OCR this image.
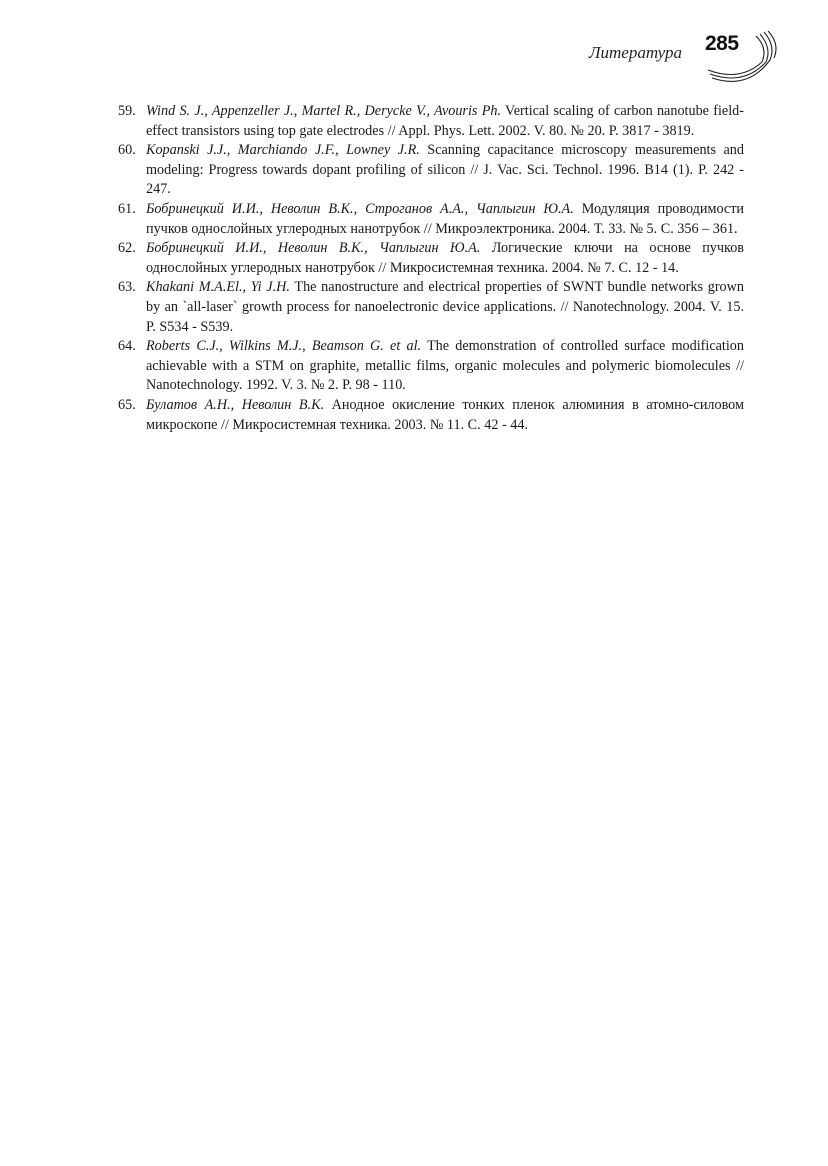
Литература 285
59. Wind S. J., Appenzeller J., Martel R., Derycke V., Avouris Ph. Vertical scaling of carbon nanotube field-effect transistors using top gate electrodes // Appl. Phys. Lett. 2002. V. 80. № 20. P. 3817 - 3819.
60. Kopanski J.J., Marchiando J.F., Lowney J.R. Scanning capacitance microscopy measurements and modeling: Progress towards dopant profiling of silicon // J. Vac. Sci. Technol. 1996. B14 (1). P. 242 - 247.
61. Бобринецкий И.И., Неволин В.К., Строганов А.А., Чаплыгин Ю.А. Модуляция проводимости пучков однослойных углеродных нанотрубок // Микроэлектроника. 2004. Т. 33. № 5. С. 356 – 361.
62. Бобринецкий И.И., Неволин В.К., Чаплыгин Ю.А. Логические ключи на основе пучков однослойных углеродных нанотрубок // Микросистемная техника. 2004. № 7. С. 12 - 14.
63. Khakani M.A.El., Yi J.H. The nanostructure and electrical properties of SWNT bundle networks grown by an `all-laser` growth process for nanoelectronic device applications. // Nanotechnology. 2004. V. 15. P. S534 - S539.
64. Roberts C.J., Wilkins M.J., Beamson G. et al. The demonstration of controlled surface modification achievable with a STM on graphite, metallic films, organic molecules and polymeric biomolecules // Nanotechnology. 1992. V. 3. № 2. P. 98 - 110.
65. Булатов А.Н., Неволин В.К. Анодное окисление тонких пленок алюминия в атомно-силовом микроскопе // Микросистемная техника. 2003. № 11. С. 42 - 44.
